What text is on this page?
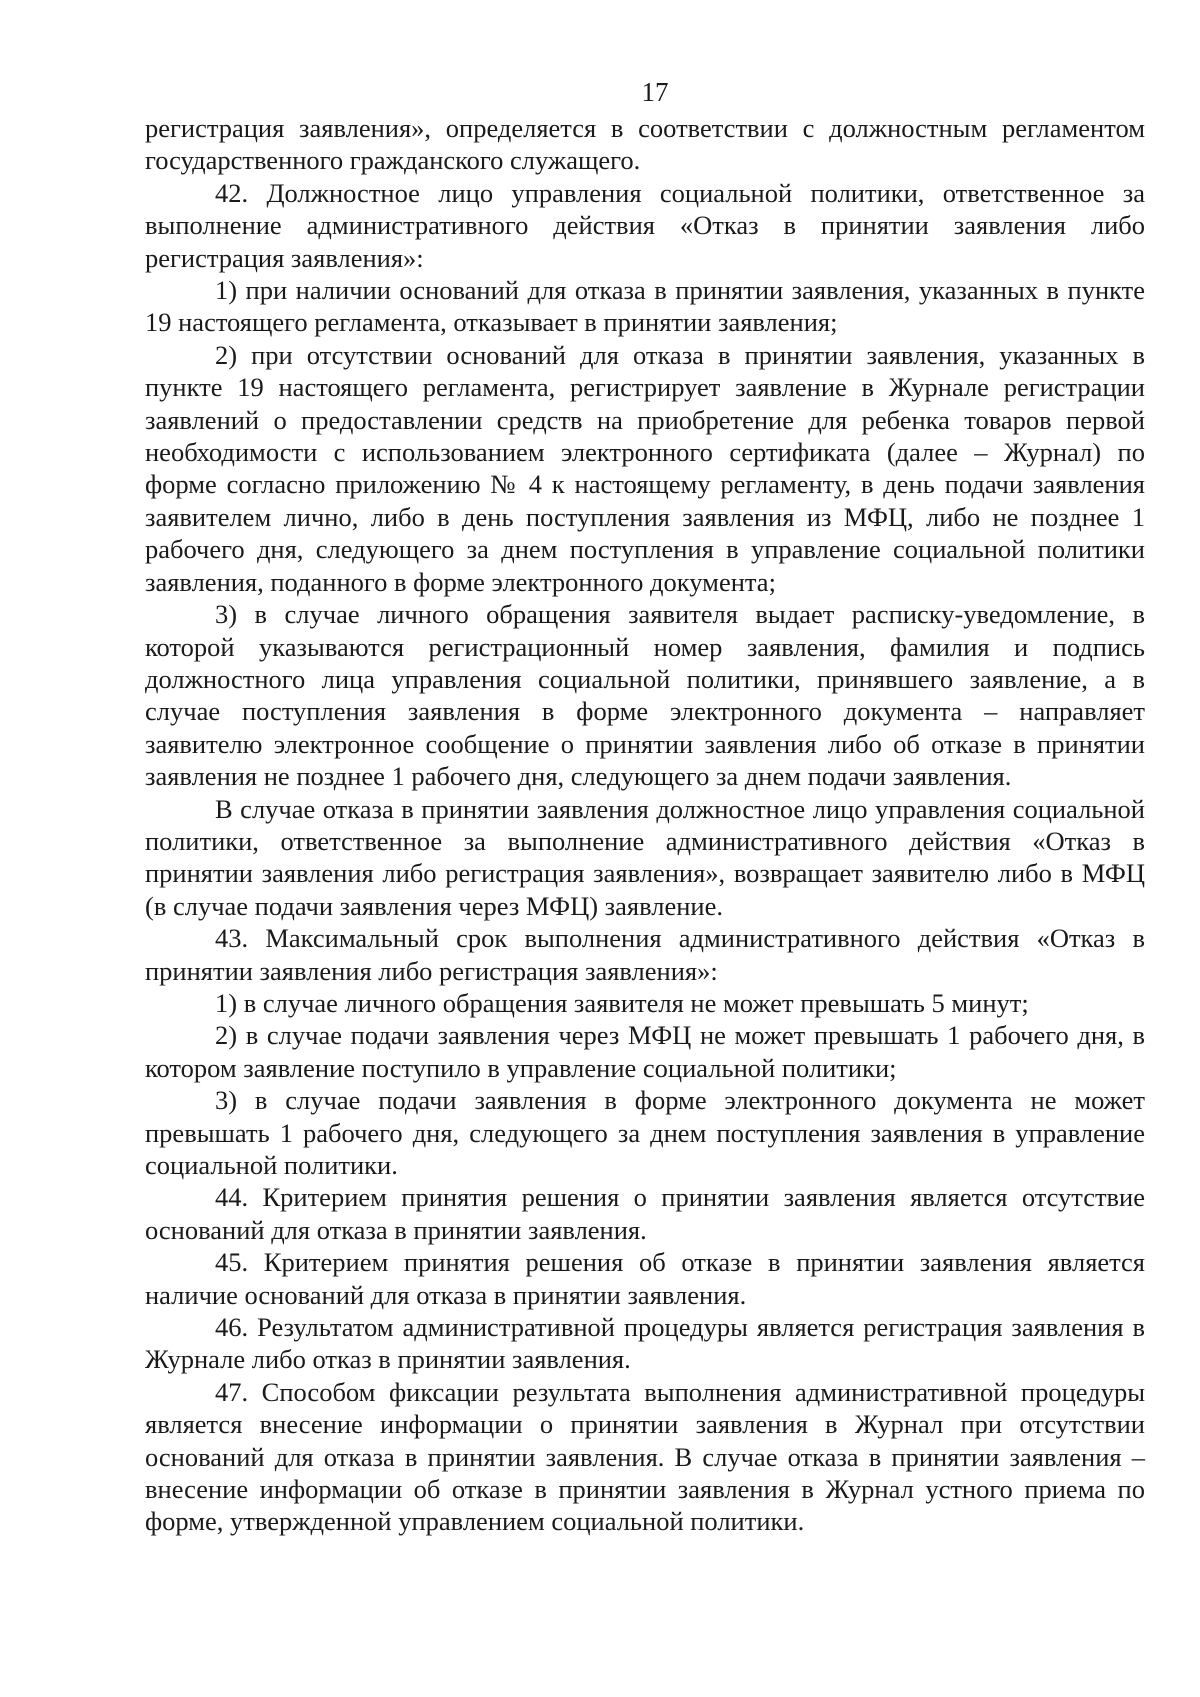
17

регистрация заявления», определяется в соответствии с должностным регламентом государственного гражданского служащего.

42. Должностное лицо управления социальной политики, ответственное за выполнение административного действия «Отказ в принятии заявления либо регистрация заявления»:

1) при наличии оснований для отказа в принятии заявления, указанных в пункте 19 настоящего регламента, отказывает в принятии заявления;

2) при отсутствии оснований для отказа в принятии заявления, указанных в пункте 19 настоящего регламента, регистрирует заявление в Журнале регистрации заявлений о предоставлении средств на приобретение для ребенка товаров первой необходимости с использованием электронного сертификата (далее – Журнал) по форме согласно приложению № 4 к настоящему регламенту, в день подачи заявления заявителем лично, либо в день поступления заявления из МФЦ, либо не позднее 1 рабочего дня, следующего за днем поступления в управление социальной политики заявления, поданного в форме электронного документа;

3) в случае личного обращения заявителя выдает расписку-уведомление, в которой указываются регистрационный номер заявления, фамилия и подпись должностного лица управления социальной политики, принявшего заявление, а в случае поступления заявления в форме электронного документа – направляет заявителю электронное сообщение о принятии заявления либо об отказе в принятии заявления не позднее 1 рабочего дня, следующего за днем подачи заявления.

В случае отказа в принятии заявления должностное лицо управления социальной политики, ответственное за выполнение административного действия «Отказ в принятии заявления либо регистрация заявления», возвращает заявителю либо в МФЦ (в случае подачи заявления через МФЦ) заявление.

43. Максимальный срок выполнения административного действия «Отказ в принятии заявления либо регистрация заявления»:

1) в случае личного обращения заявителя не может превышать 5 минут;

2) в случае подачи заявления через МФЦ не может превышать 1 рабочего дня, в котором заявление поступило в управление социальной политики;

3) в случае подачи заявления в форме электронного документа не может превышать 1 рабочего дня, следующего за днем поступления заявления в управление социальной политики.

44. Критерием принятия решения о принятии заявления является отсутствие оснований для отказа в принятии заявления.

45. Критерием принятия решения об отказе в принятии заявления является наличие оснований для отказа в принятии заявления.

46. Результатом административной процедуры является регистрация заявления в Журнале либо отказ в принятии заявления.

47. Способом фиксации результата выполнения административной процедуры является внесение информации о принятии заявления в Журнал при отсутствии оснований для отказа в принятии заявления. В случае отказа в принятии заявления – внесение информации об отказе в принятии заявления в Журнал устного приема по форме, утвержденной управлением социальной политики.
